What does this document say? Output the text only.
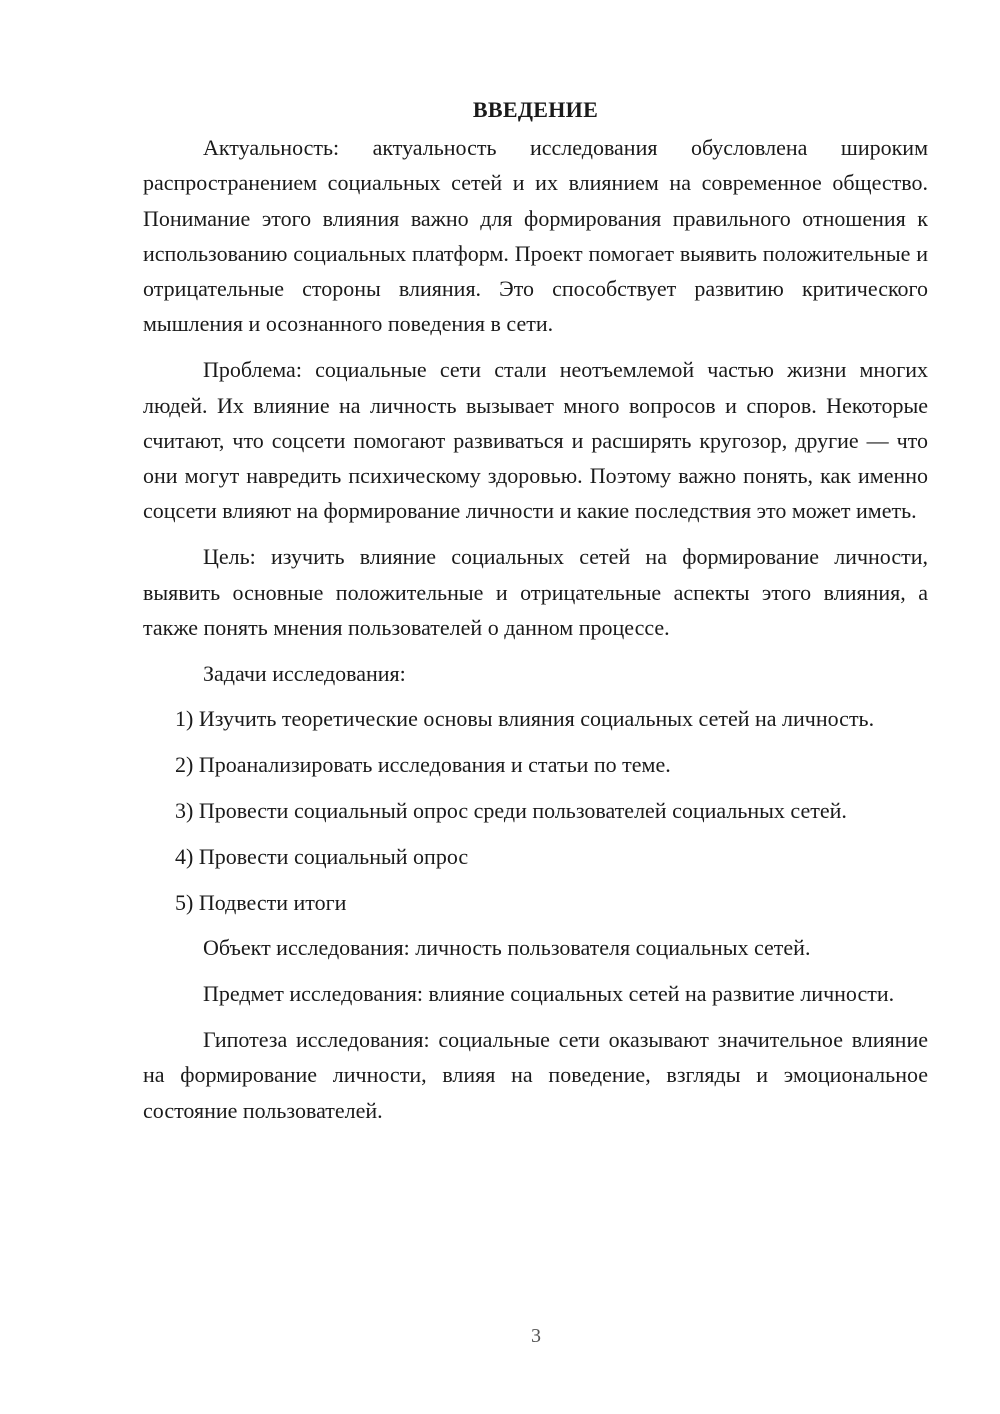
ВВЕДЕНИЕ

Актуальность: актуальность исследования обусловлена широким распространением социальных сетей и их влиянием на современное общество. Понимание этого влияния важно для формирования правильного отношения к использованию социальных платформ. Проект помогает выявить положительные и отрицательные стороны влияния. Это способствует развитию критического мышления и осознанного поведения в сети.

Проблема: социальные сети стали неотъемлемой частью жизни многих людей. Их влияние на личность вызывает много вопросов и споров. Некоторые считают, что соцсети помогают развиваться и расширять кругозор, другие — что они могут навредить психическому здоровью. Поэтому важно понять, как именно соцсети влияют на формирование личности и какие последствия это может иметь.

Цель: изучить влияние социальных сетей на формирование личности, выявить основные положительные и отрицательные аспекты этого влияния, а также понять мнения пользователей о данном процессе.

Задачи исследования:

1) Изучить теоретические основы влияния социальных сетей на личность.

2) Проанализировать исследования и статьи по теме.

3) Провести социальный опрос среди пользователей социальных сетей.

4) Провести социальный опрос

5) Подвести итоги

Объект исследования: личность пользователя социальных сетей.

Предмет исследования: влияние социальных сетей на развитие личности.

Гипотеза исследования: социальные сети оказывают значительное влияние на формирование личности, влияя на поведение, взгляды и эмоциональное состояние пользователей.

3
